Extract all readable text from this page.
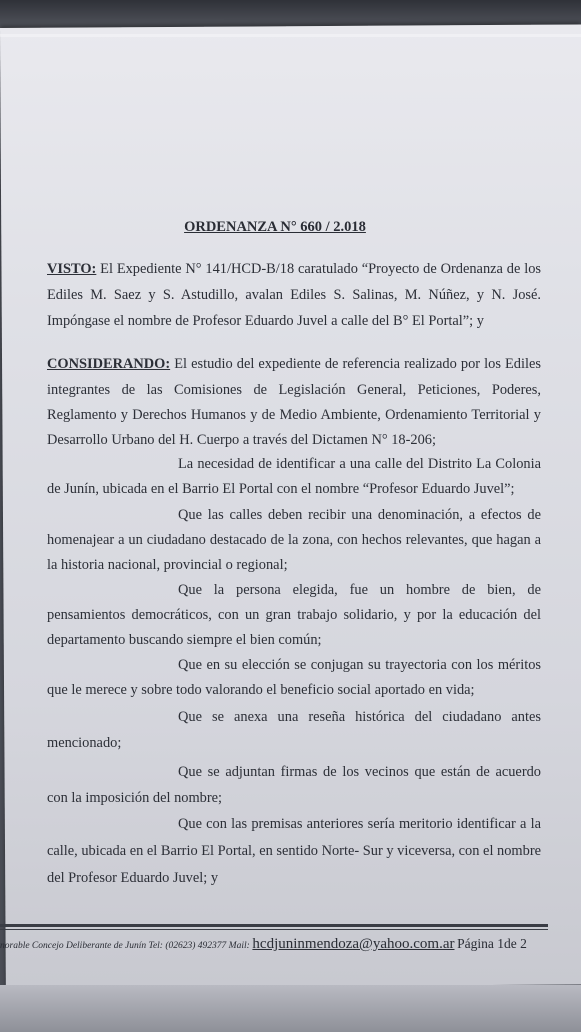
ORDENANZA N° 660 / 2.018
VISTO: El Expediente N° 141/HCD-B/18 caratulado “Proyecto de Ordenanza de los
Ediles M. Saez y S. Astudillo, avalan Ediles S. Salinas, M. Núñez, y N. José.
Impóngase el nombre de Profesor Eduardo Juvel a calle del B° El Portal”; y
CONSIDERANDO: El estudio del expediente de referencia realizado por los Ediles
integrantes de las Comisiones de Legislación General, Peticiones, Poderes,
Reglamento y Derechos Humanos y de Medio Ambiente, Ordenamiento Territorial y
Desarrollo Urbano del H. Cuerpo a través del Dictamen N° 18-206;
La necesidad de identificar a una calle del Distrito La Colonia
de Junín, ubicada en el Barrio El Portal con el nombre “Profesor Eduardo Juvel”;
Que las calles deben recibir una denominación, a efectos de
homenajear a un ciudadano destacado de la zona, con hechos relevantes, que hagan a
la historia nacional, provincial o regional;
Que la persona elegida, fue un hombre de bien, de
pensamientos democráticos, con un gran trabajo solidario, y por la educación del
departamento buscando siempre el bien común;
Que en su elección se conjugan su trayectoria con los méritos
que le merece y sobre todo valorando el beneficio social aportado en vida;
Que se anexa una reseña histórica del ciudadano antes
mencionado;
Que se adjuntan firmas de los vecinos que están de acuerdo
con la imposición del nombre;
Que con las premisas anteriores sería meritorio identificar a la
calle, ubicada en el Barrio El Portal, en sentido Norte- Sur y viceversa, con el nombre
del Profesor Eduardo Juvel; y
norable Concejo Deliberante de Junín Tel: (02623) 492377 Mail: hcdjuninmendoza@yahoo.com.ar Página 1de 2
